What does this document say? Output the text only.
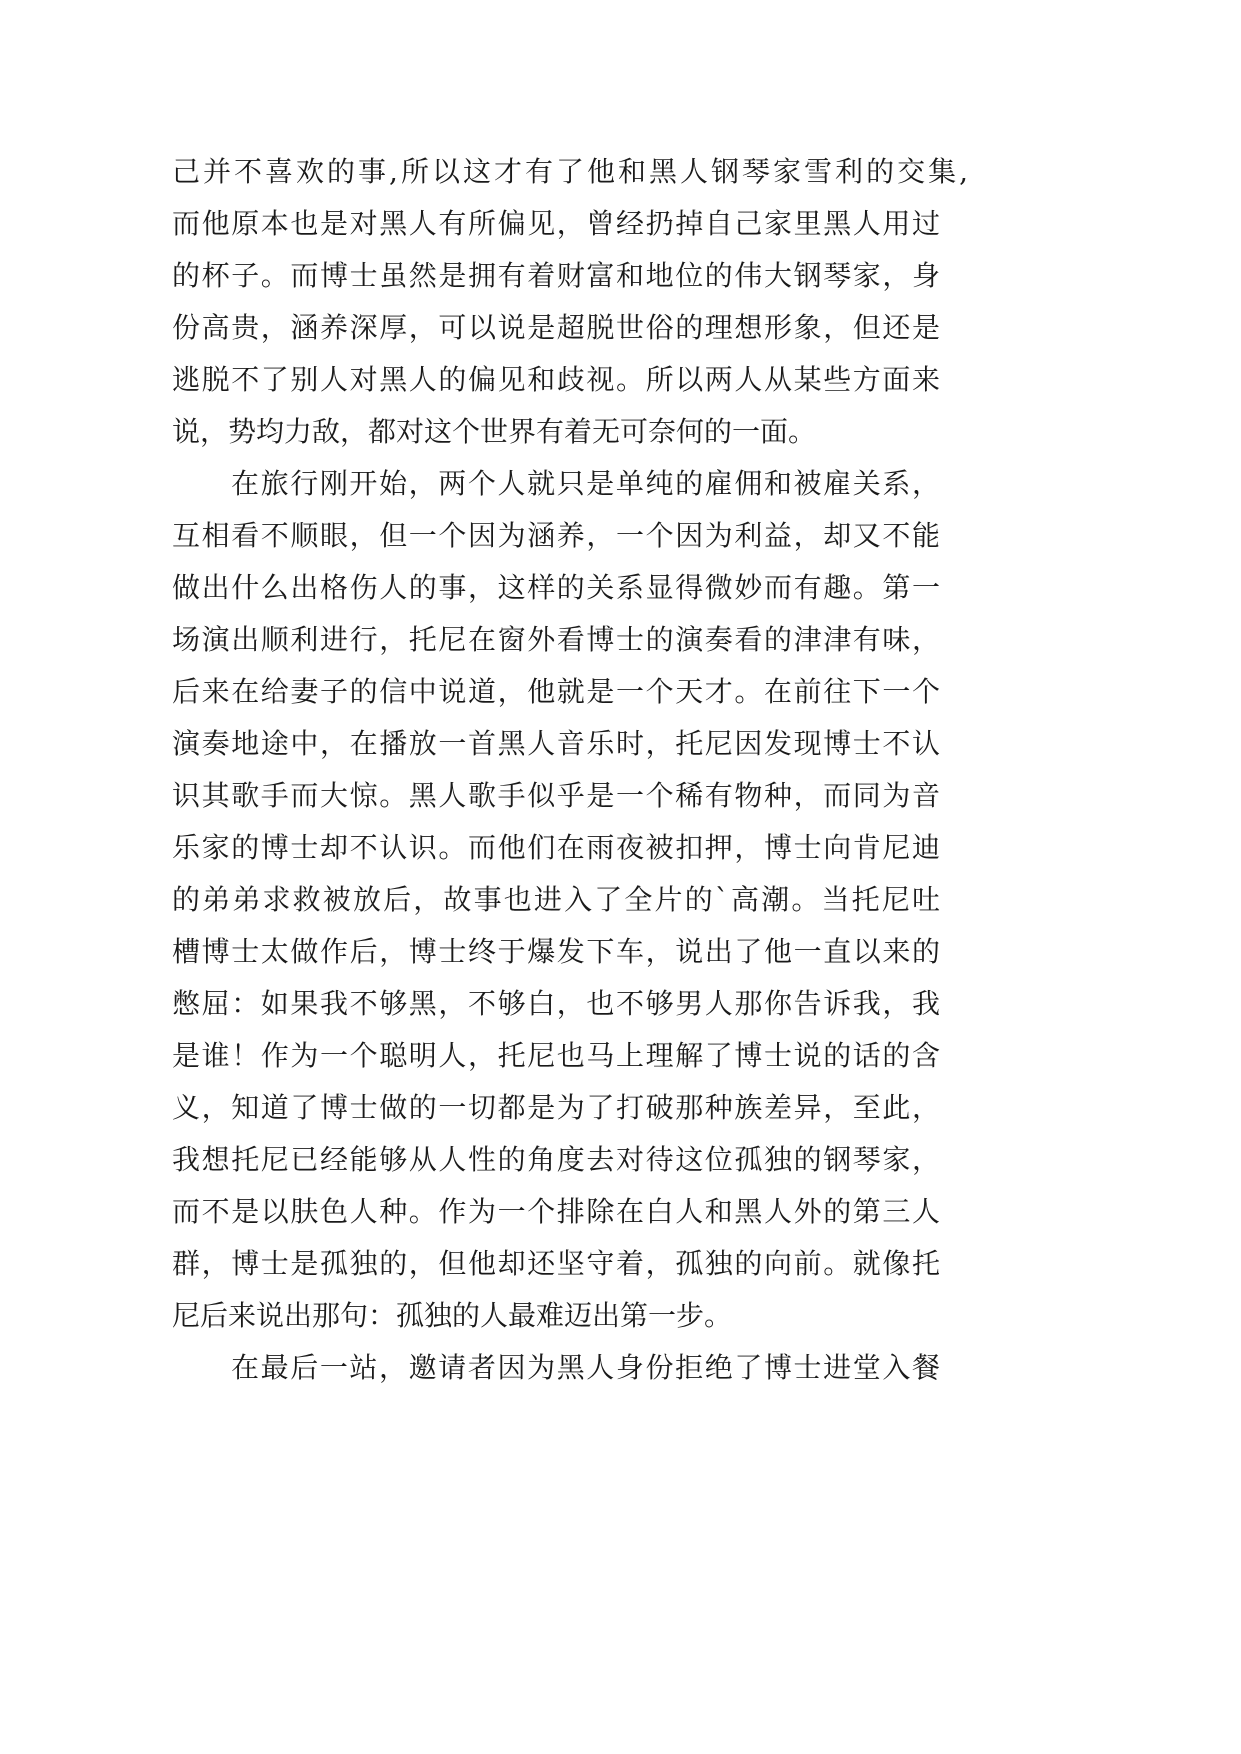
己并不喜欢的事,所以这才有了他和黑人钢琴家雪利的交集,
而他原本也是对黑人有所偏见，曾经扔掉自己家里黑人用过
的杯子。而博士虽然是拥有着财富和地位的伟大钢琴家，身
份高贵，涵养深厚，可以说是超脱世俗的理想形象，但还是
逃脱不了别人对黑人的偏见和歧视。所以两人从某些方面来
说，势均力敌，都对这个世界有着无可奈何的一面。
在旅行刚开始，两个人就只是单纯的雇佣和被雇关系，
互相看不顺眼，但一个因为涵养，一个因为利益，却又不能
做出什么出格伤人的事，这样的关系显得微妙而有趣。第一
场演出顺利进行，托尼在窗外看博士的演奏看的津津有味，
后来在给妻子的信中说道，他就是一个天才。在前往下一个
演奏地途中，在播放一首黑人音乐时，托尼因发现博士不认
识其歌手而大惊。黑人歌手似乎是一个稀有物种，而同为音
乐家的博士却不认识。而他们在雨夜被扣押，博士向肯尼迪
的弟弟求救被放后，故事也进入了全片的`高潮。当托尼吐
槽博士太做作后，博士终于爆发下车，说出了他一直以来的
憋屈：如果我不够黑，不够白，也不够男人那你告诉我，我
是谁！作为一个聪明人，托尼也马上理解了博士说的话的含
义，知道了博士做的一切都是为了打破那种族差异，至此，
我想托尼已经能够从人性的角度去对待这位孤独的钢琴家，
而不是以肤色人种。作为一个排除在白人和黑人外的第三人
群，博士是孤独的，但他却还坚守着，孤独的向前。就像托
尼后来说出那句：孤独的人最难迈出第一步。
在最后一站，邀请者因为黑人身份拒绝了博士进堂入餐
